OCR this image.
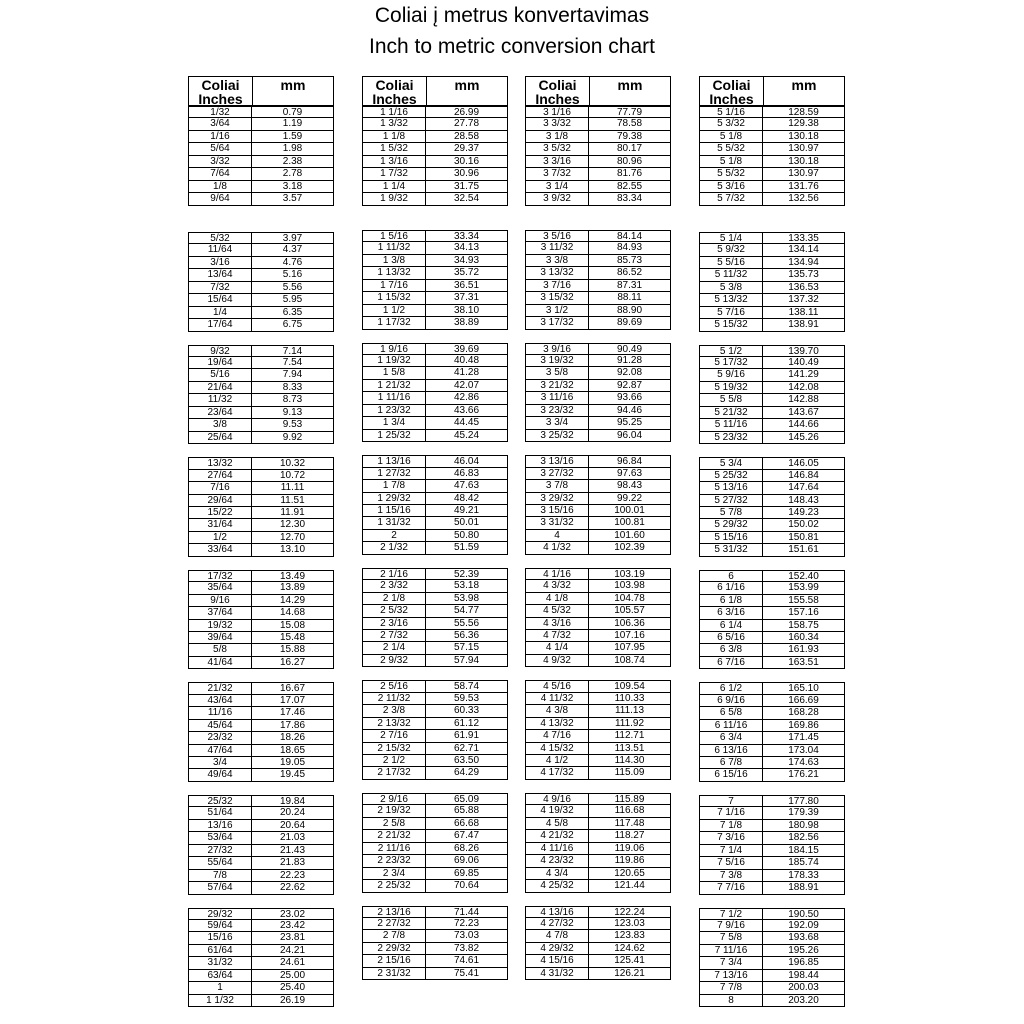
Coliai į metrus konvertavimas
Inch to metric conversion chart
Coliai
Inches
mm
1/32	0.79
3/64	1.19
1/16	1.59
5/64	1.98
3/32	2.38
7/64	2.78
1/8	3.18
9/64	3.57
5/32	3.97
11/64	4.37
3/16	4.76
13/64	5.16
7/32	5.56
15/64	5.95
1/4	6.35
17/64	6.75
9/32	7.14
19/64	7.54
5/16	7.94
21/64	8.33
11/32	8.73
23/64	9.13
3/8	9.53
25/64	9.92
13/32	10.32
27/64	10.72
7/16	11.11
29/64	11.51
15/22	11.91
31/64	12.30
1/2	12.70
33/64	13.10
17/32	13.49
35/64	13.89
9/16	14.29
37/64	14.68
19/32	15.08
39/64	15.48
5/8	15.88
41/64	16.27
21/32	16.67
43/64	17.07
11/16	17.46
45/64	17.86
23/32	18.26
47/64	18.65
3/4	19.05
49/64	19.45
25/32	19.84
51/64	20.24
13/16	20.64
53/64	21.03
27/32	21.43
55/64	21.83
7/8	22.23
57/64	22.62
29/32	23.02
59/64	23.42
15/16	23.81
61/64	24.21
31/32	24.61
63/64	25.00
1	25.40
1 1/32	26.19
Coliai
Inches
mm
1 1/16	26.99
1 3/32	27.78
1 1/8	28.58
1 5/32	29.37
1 3/16	30.16
1 7/32	30.96
1 1/4	31.75
1 9/32	32.54
1 5/16	33.34
1 11/32	34.13
1 3/8	34.93
1 13/32	35.72
1 7/16	36.51
1 15/32	37.31
1 1/2	38.10
1 17/32	38.89
1 9/16	39.69
1 19/32	40.48
1 5/8	41.28
1 21/32	42.07
1 11/16	42.86
1 23/32	43.66
1 3/4	44.45
1 25/32	45.24
1 13/16	46.04
1 27/32	46.83
1 7/8	47.63
1 29/32	48.42
1 15/16	49.21
1 31/32	50.01
2	50.80
2 1/32	51.59
2 1/16	52.39
2 3/32	53.18
2 1/8	53.98
2 5/32	54.77
2 3/16	55.56
2 7/32	56.36
2 1/4	57.15
2 9/32	57.94
2 5/16	58.74
2 11/32	59.53
2 3/8	60.33
2 13/32	61.12
2 7/16	61.91
2 15/32	62.71
2 1/2	63.50
2 17/32	64.29
2 9/16	65.09
2 19/32	65.88
2 5/8	66.68
2 21/32	67.47
2 11/16	68.26
2 23/32	69.06
2 3/4	69.85
2 25/32	70.64
2 13/16	71.44
2 27/32	72.23
2 7/8	73.03
2 29/32	73.82
2 15/16	74.61
2 31/32	75.41
Coliai
Inches
mm
3 1/16	77.79
3 3/32	78.58
3 1/8	79.38
3 5/32	80.17
3 3/16	80.96
3 7/32	81.76
3 1/4	82.55
3 9/32	83.34
3 5/16	84.14
3 11/32	84.93
3 3/8	85.73
3 13/32	86.52
3 7/16	87.31
3 15/32	88.11
3 1/2	88.90
3 17/32	89.69
3 9/16	90.49
3 19/32	91.28
3 5/8	92.08
3 21/32	92.87
3 11/16	93.66
3 23/32	94.46
3 3/4	95.25
3 25/32	96.04
3 13/16	96.84
3 27/32	97.63
3 7/8	98.43
3 29/32	99.22
3 15/16	100.01
3 31/32	100.81
4	101.60
4 1/32	102.39
4 1/16	103.19
4 3/32	103.98
4 1/8	104.78
4 5/32	105.57
4 3/16	106.36
4 7/32	107.16
4 1/4	107.95
4 9/32	108.74
4 5/16	109.54
4 11/32	110.33
4 3/8	111.13
4 13/32	111.92
4 7/16	112.71
4 15/32	113.51
4 1/2	114.30
4 17/32	115.09
4 9/16	115.89
4 19/32	116.68
4 5/8	117.48
4 21/32	118.27
4 11/16	119.06
4 23/32	119.86
4 3/4	120.65
4 25/32	121.44
4 13/16	122.24
4 27/32	123.03
4 7/8	123.83
4 29/32	124.62
4 15/16	125.41
4 31/32	126.21
Coliai
Inches
mm
5 1/16	128.59
5 3/32	129.38
5 1/8	130.18
5 5/32	130.97
5 1/8	130.18
5 5/32	130.97
5 3/16	131.76
5 7/32	132.56
5 1/4	133.35
5 9/32	134.14
5 5/16	134.94
5 11/32	135.73
5 3/8	136.53
5 13/32	137.32
5 7/16	138.11
5 15/32	138.91
5 1/2	139.70
5 17/32	140.49
5 9/16	141.29
5 19/32	142.08
5 5/8	142.88
5 21/32	143.67
5 11/16	144.66
5 23/32	145.26
5 3/4	146.05
5 25/32	146.84
5 13/16	147.64
5 27/32	148.43
5 7/8	149.23
5 29/32	150.02
5 15/16	150.81
5 31/32	151.61
6	152.40
6 1/16	153.99
6 1/8	155.58
6 3/16	157.16
6 1/4	158.75
6 5/16	160.34
6 3/8	161.93
6 7/16	163.51
6 1/2	165.10
6 9/16	166.69
6 5/8	168.28
6 11/16	169.86
6 3/4	171.45
6 13/16	173.04
6 7/8	174.63
6 15/16	176.21
7	177.80
7 1/16	179.39
7 1/8	180.98
7 3/16	182.56
7 1/4	184.15
7 5/16	185.74
7 3/8	178.33
7 7/16	188.91
7 1/2	190.50
7 9/16	192.09
7 5/8	193.68
7 11/16	195.26
7 3/4	196.85
7 13/16	198.44
7 7/8	200.03
8	203.20
